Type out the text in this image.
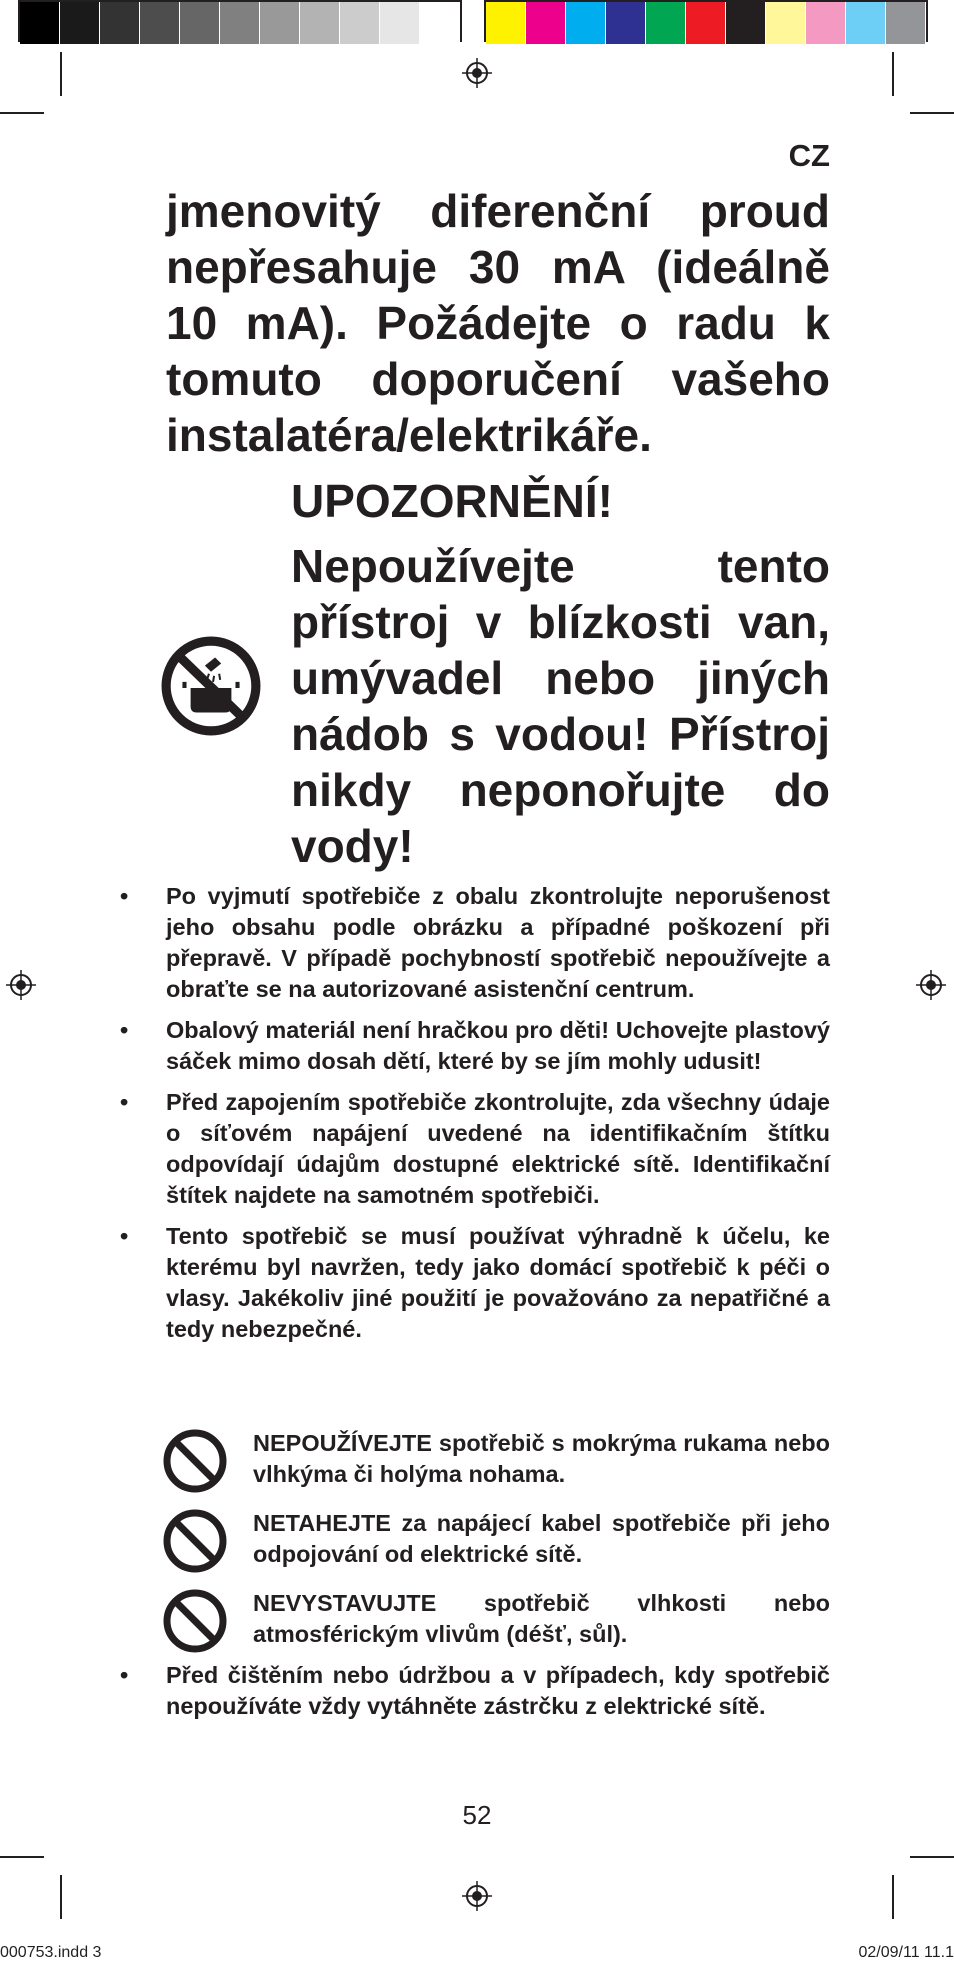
CZ
jmenovitý diferenční proud nepřesahuje 30 mA (ideálně 10 mA). Požádejte o radu k tomuto doporučení vašeho instalatéra/elektrikáře.
UPOZORNĚNÍ!
Nepoužívejte tento přístroj v blízkosti van, umývadel nebo jiných nádob s vodou! Přístroj nikdy neponořujte do vody!
•	Po vyjmutí spotřebiče z obalu zkontrolujte neporušenost jeho obsahu podle obrázku a případné poškození při přepravě. V případě pochybností spotřebič nepoužívejte a obraťte se na autorizované asistenční centrum.
•	Obalový materiál není hračkou pro děti! Uchovejte plastový sáček mimo dosah dětí, které by se jím mohly udusit!
•	Před zapojením spotřebiče zkontrolujte, zda všechny údaje o síťovém napájení uvedené na identifikačním štítku odpovídají údajům dostupné elektrické sítě. Identifikační štítek najdete na samotném spotřebiči.
•	Tento spotřebič se musí používat výhradně k účelu, ke kterému byl navržen, tedy jako domácí spotřebič k péči o vlasy. Jakékoliv jiné použití je považováno za nepatřičné a tedy nebezpečné.
NEPOUŽÍVEJTE spotřebič s mokrýma rukama nebo vlhkýma či holýma nohama.
NETAHEJTE za napájecí kabel spotřebiče při jeho odpojování od elektrické sítě.
NEVYSTAVUJTE spotřebič vlhkosti nebo atmosférickým vlivům (déšť, sůl).
•	Před čištěním nebo údržbou a v případech, kdy spotřebič nepoužíváte vždy vytáhněte zástrčku z elektrické sítě.
52
000753.indd 3	02/09/11 11.1
